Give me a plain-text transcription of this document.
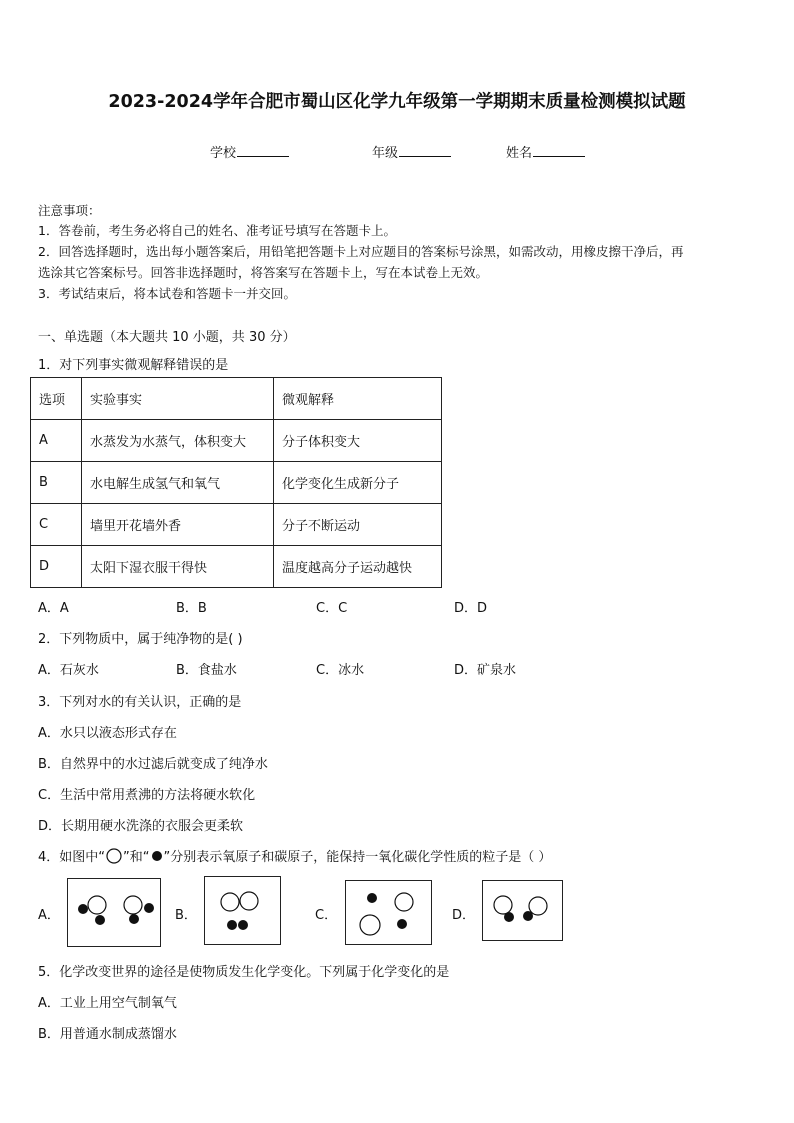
2023-2024学年合肥市蜀山区化学九年级第一学期期末质量检测模拟试题
学校	年级	姓名
注意事项：
1．答卷前，考生务必将自己的姓名、准考证号填写在答题卡上。
2．回答选择题时，选出每小题答案后，用铅笔把答题卡上对应题目的答案标号涂黑，如需改动，用橡皮擦干净后，再
选涂其它答案标号。回答非选择题时，将答案写在答题卡上，写在本试卷上无效。
3．考试结束后，将本试卷和答题卡一并交回。
一、单选题（本大题共 10 小题，共 30 分）
1．对下列事实微观解释错误的是
选项	实验事实	微观解释
A	水蒸发为水蒸气，体积变大	分子体积变大
B	水电解生成氢气和氧气	化学变化生成新分子
C	墙里开花墙外香	分子不断运动
D	太阳下湿衣服干得快	温度越高分子运动越快
A．A	B．B	C．C	D．D
2．下列物质中，属于纯净物的是( )
A．石灰水	B．食盐水	C．冰水	D．矿泉水
3．下列对水的有关认识，正确的是
A．水只以液态形式存在
B．自然界中的水过滤后就变成了纯净水
C．生活中常用煮沸的方法将硬水软化
D．长期用硬水洗涤的衣服会更柔软
4．如图中“ ”和“ ”分别表示氧原子和碳原子，能保持一氧化碳化学性质的粒子是（ ）
A．	B．	C．	D．
5．化学改变世界的途径是使物质发生化学变化。下列属于化学变化的是
A．工业上用空气制氧气
B．用普通水制成蒸馏水
